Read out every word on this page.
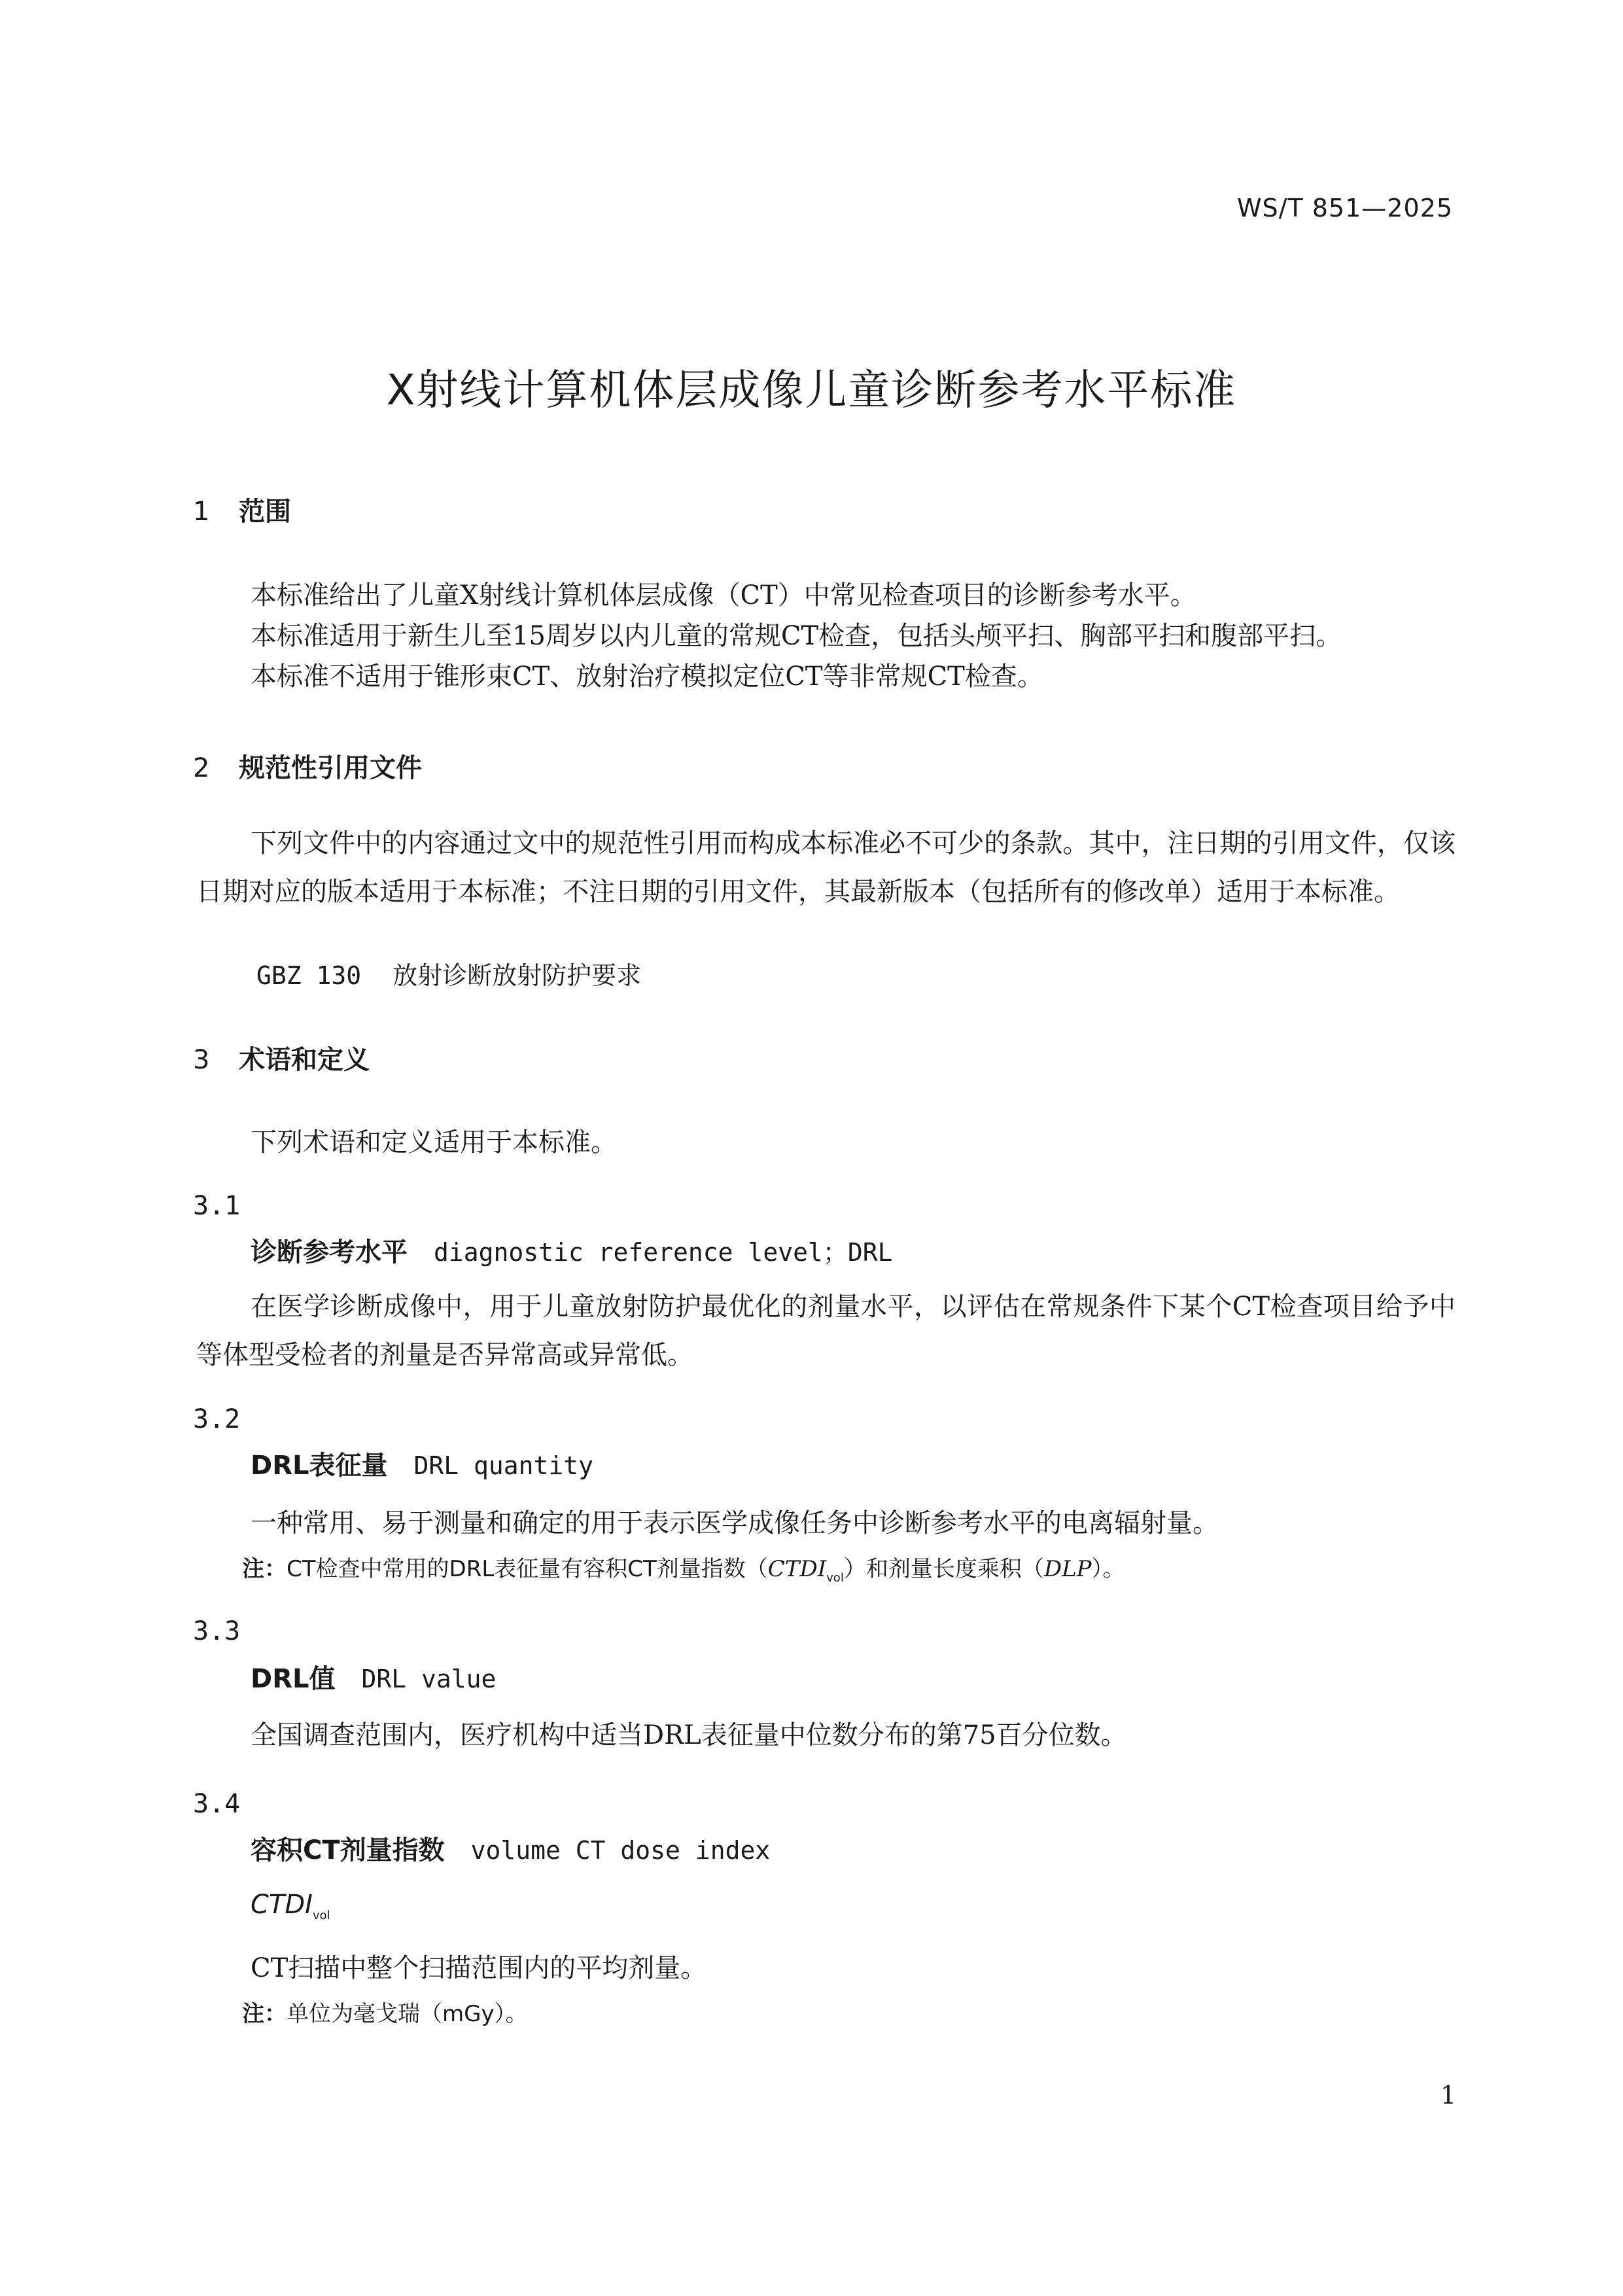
WS/T 851—2025
X射线计算机体层成像儿童诊断参考水平标准
1 范围
本标准给出了儿童X射线计算机体层成像（CT）中常见检查项目的诊断参考水平。
本标准适用于新生儿至15周岁以内儿童的常规CT检查，包括头颅平扫、胸部平扫和腹部平扫。
本标准不适用于锥形束CT、放射治疗模拟定位CT等非常规CT检查。
2 规范性引用文件
下列文件中的内容通过文中的规范性引用而构成本标准必不可少的条款。其中，注日期的引用文件，仅该日期对应的版本适用于本标准；不注日期的引用文件，其最新版本（包括所有的修改单）适用于本标准。
GBZ 130 放射诊断放射防护要求
3 术语和定义
下列术语和定义适用于本标准。
3.1
诊断参考水平 diagnostic reference level；DRL
在医学诊断成像中，用于儿童放射防护最优化的剂量水平，以评估在常规条件下某个CT检查项目给予中等体型受检者的剂量是否异常高或异常低。
3.2
DRL表征量 DRL quantity
一种常用、易于测量和确定的用于表示医学成像任务中诊断参考水平的电离辐射量。
注：CT检查中常用的DRL表征量有容积CT剂量指数$(CTDI_{vol})$和剂量长度乘积（DLP）。
3.3
DRL值 DRL value
全国调查范围内，医疗机构中适当DRL表征量中位数分布的第75百分位数。
3.4
容积CT剂量指数 volume CT dose index
$CTDI_{vol}$
CT扫描中整个扫描范围内的平均剂量。
注：单位为毫戈瑞（mGy）。
1
